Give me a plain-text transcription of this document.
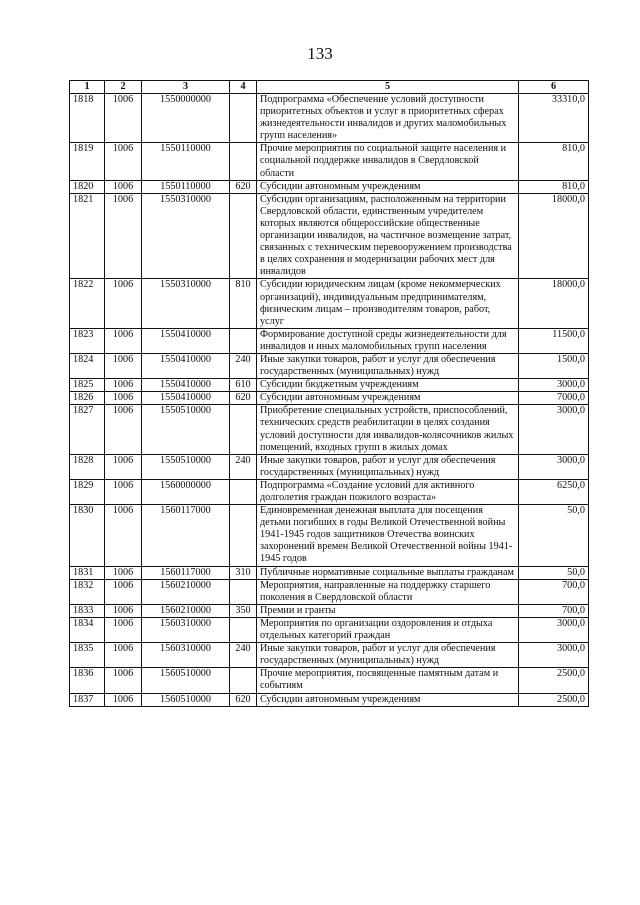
133
1	2	3	4	5	6
1818	1006	1550000000		Подпрограмма «Обеспечение условий доступности приоритетных объектов и услуг в приоритетных сферах жизнедеятельности инвалидов и других маломобильных групп населения»	33310,0
1819	1006	1550110000		Прочие мероприятия по социальной защите населения и социальной поддержке инвалидов в Свердловской области	810,0
1820	1006	1550110000	620	Субсидии автономным учреждениям	810,0
1821	1006	1550310000		Субсидии организациям, расположенным на территории Свердловской области, единственным учредителем которых являются общероссийские общественные организации инвалидов, на частичное возмещение затрат, связанных с техническим перевооружением производства в целях сохранения и модернизации рабочих мест для инвалидов	18000,0
1822	1006	1550310000	810	Субсидии юридическим лицам (кроме некоммерческих организаций), индивидуальным предпринимателям, физическим лицам – производителям товаров, работ, услуг	18000,0
1823	1006	1550410000		Формирование доступной среды жизнедеятельности для инвалидов и иных маломобильных групп населения	11500,0
1824	1006	1550410000	240	Иные закупки товаров, работ и услуг для обеспечения государственных (муниципальных) нужд	1500,0
1825	1006	1550410000	610	Субсидии бюджетным учреждениям	3000,0
1826	1006	1550410000	620	Субсидии автономным учреждениям	7000,0
1827	1006	1550510000		Приобретение специальных устройств, приспособлений, технических средств реабилитации в целях создания условий доступности для инвалидов-колясочников жилых помещений, входных групп в жилых домах	3000,0
1828	1006	1550510000	240	Иные закупки товаров, работ и услуг для обеспечения государственных (муниципальных) нужд	3000,0
1829	1006	1560000000		Подпрограмма «Создание условий для активного долголетия граждан пожилого возраста»	6250,0
1830	1006	1560117000		Единовременная денежная выплата для посещения детьми погибших в годы Великой Отечественной войны 1941-1945 годов защитников Отечества воинских захоронений времен Великой Отечественной войны 1941-1945 годов	50,0
1831	1006	1560117000	310	Публичные нормативные социальные выплаты гражданам	50,0
1832	1006	1560210000		Мероприятия, направленные на поддержку старшего поколения в Свердловской области	700,0
1833	1006	1560210000	350	Премии и гранты	700,0
1834	1006	1560310000		Мероприятия по организации оздоровления и отдыха отдельных категорий граждан	3000,0
1835	1006	1560310000	240	Иные закупки товаров, работ и услуг для обеспечения государственных (муниципальных) нужд	3000,0
1836	1006	1560510000		Прочие мероприятия, посвященные памятным датам и событиям	2500,0
1837	1006	1560510000	620	Субсидии автономным учреждениям	2500,0
